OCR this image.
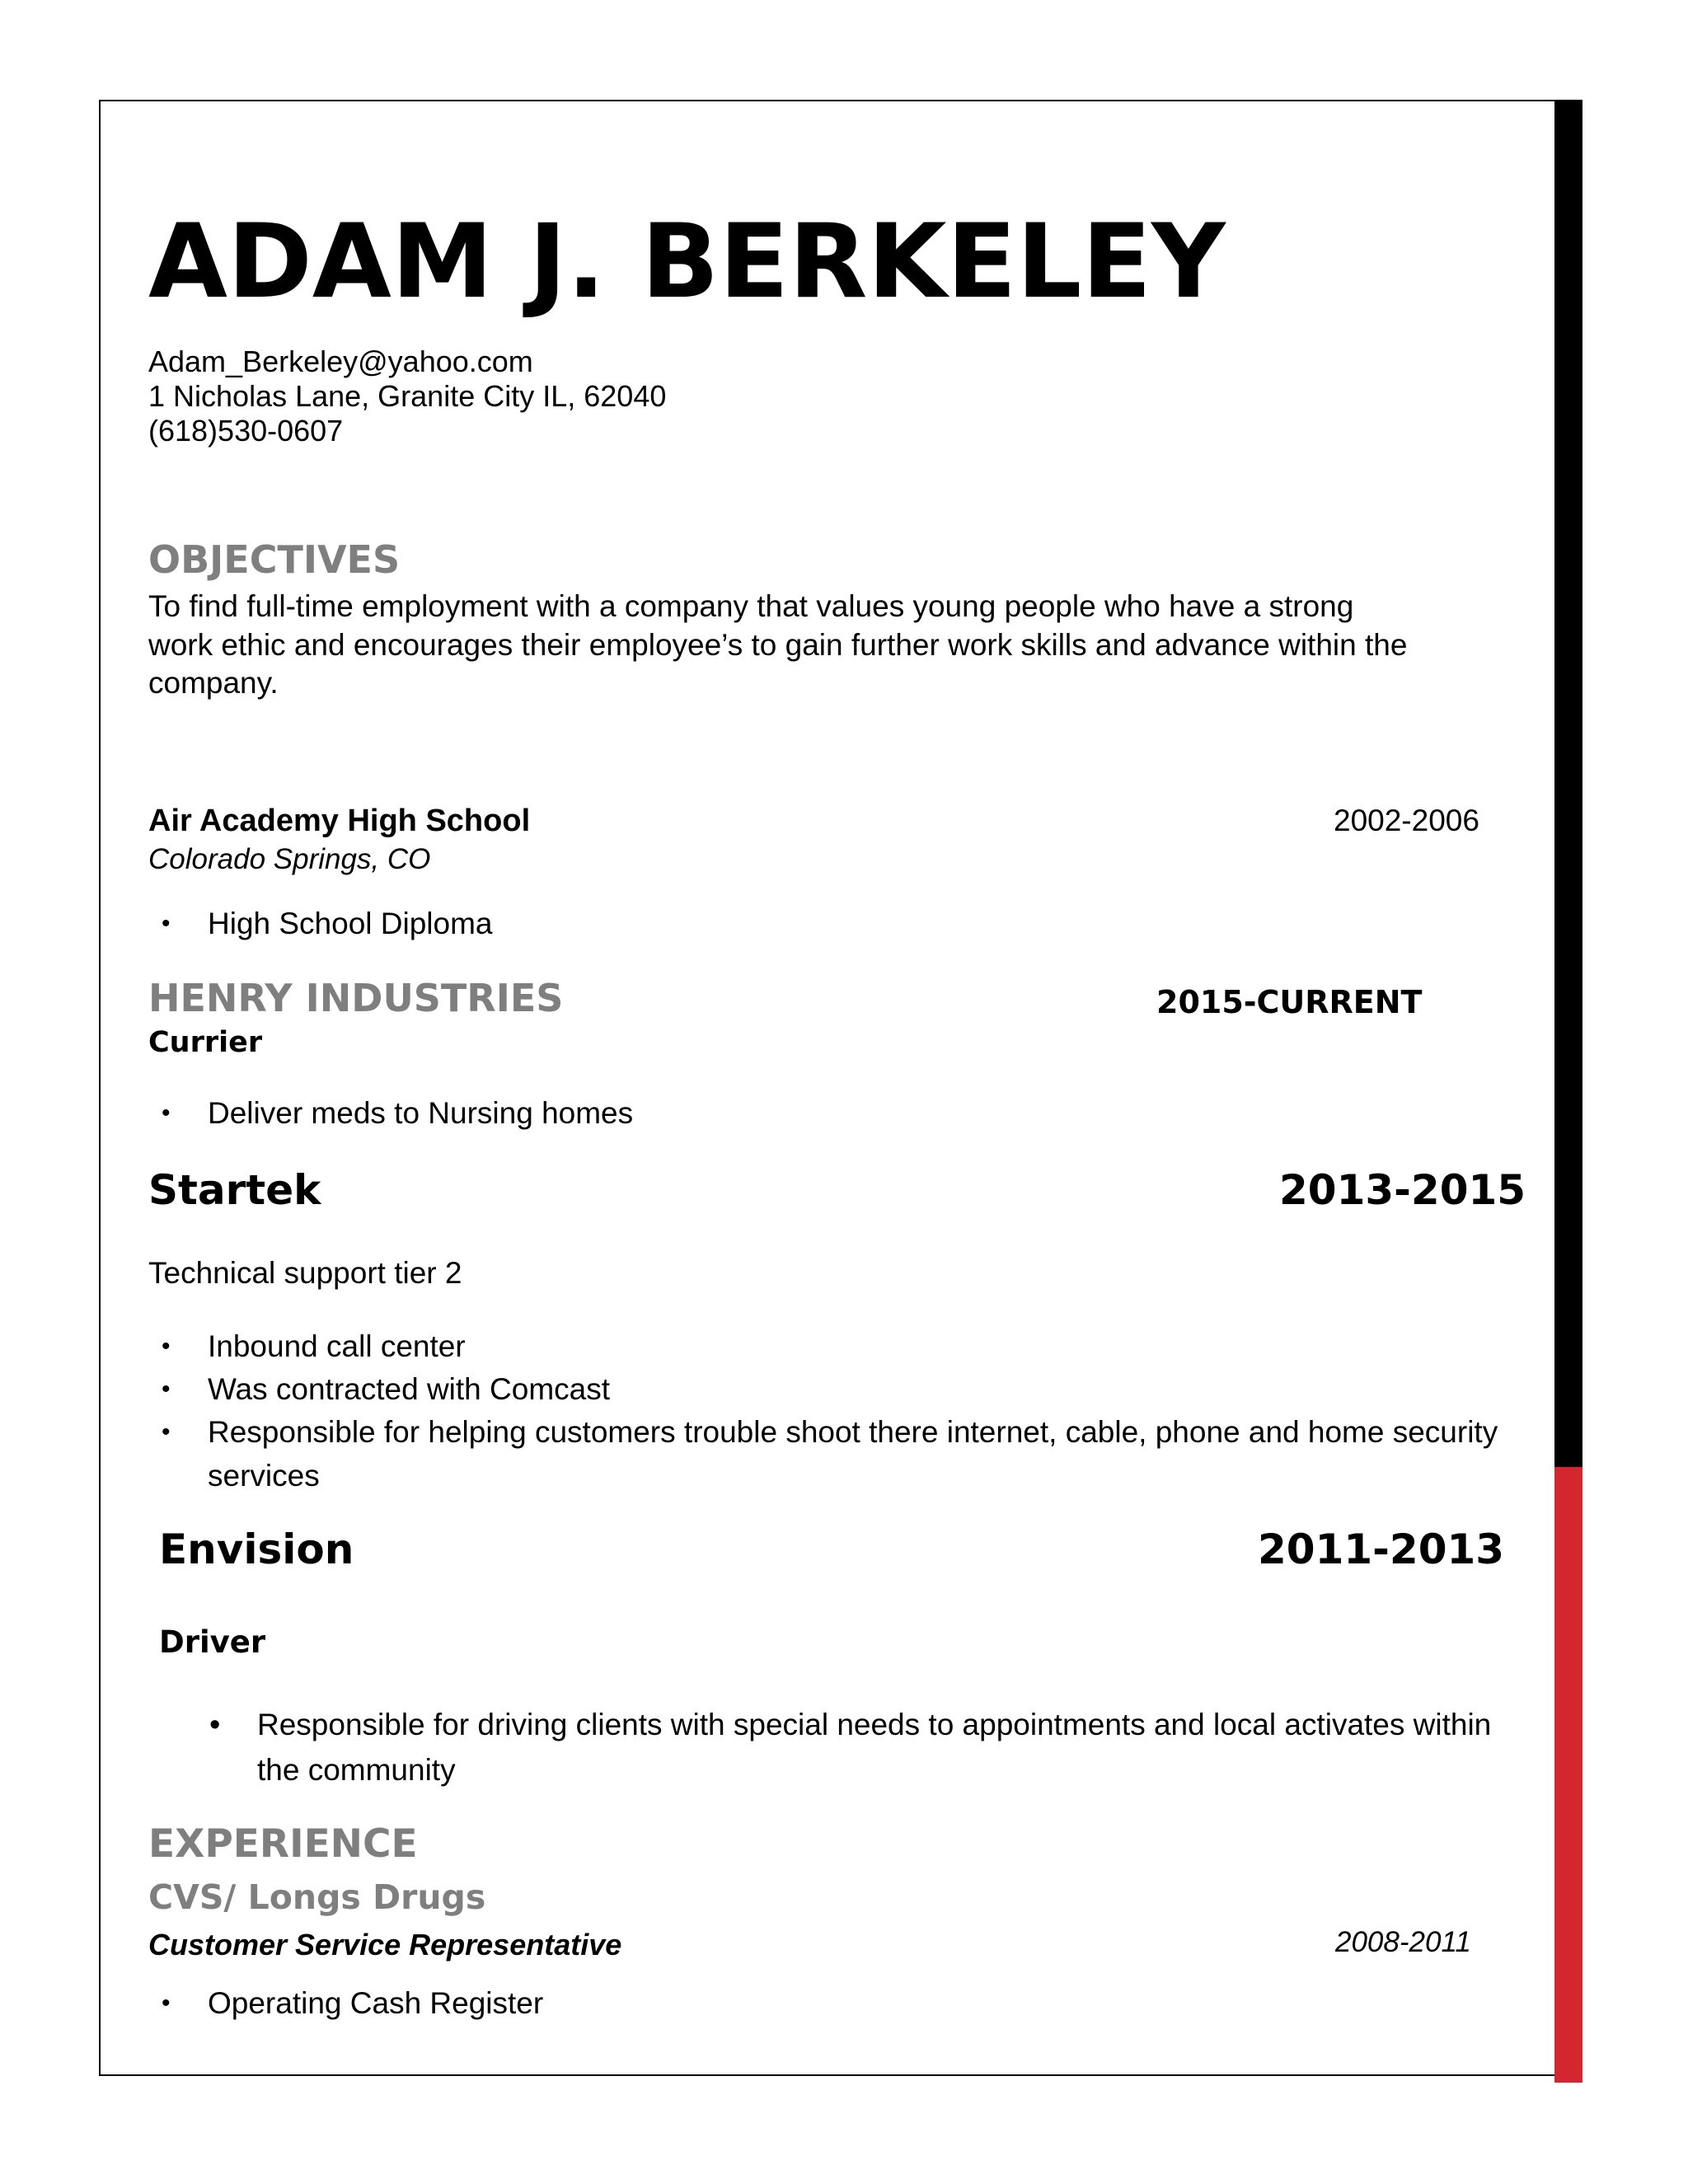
ADAM J. BERKELEY
Adam_Berkeley@yahoo.com
1 Nicholas Lane, Granite City IL, 62040
(618)530-0607
OBJECTIVES
To find full-time employment with a company that values young people who have a strong
work ethic and encourages their employee’s to gain further work skills and advance within the
company.
Air Academy High School	2002-2006
Colorado Springs, CO
•	High School Diploma
HENRY INDUSTRIES	2015-CURRENT
Currier
•	Deliver meds to Nursing homes
Startek	2013-2015
Technical support tier 2
•	Inbound call center
•	Was contracted with Comcast
•	Responsible for helping customers trouble shoot there internet, cable, phone and home security
services
Envision	2011-2013
Driver
•	Responsible for driving clients with special needs to appointments and local activates within
the community
EXPERIENCE
CVS/ Longs Drugs
Customer Service Representative	2008-2011
•	Operating Cash Register
